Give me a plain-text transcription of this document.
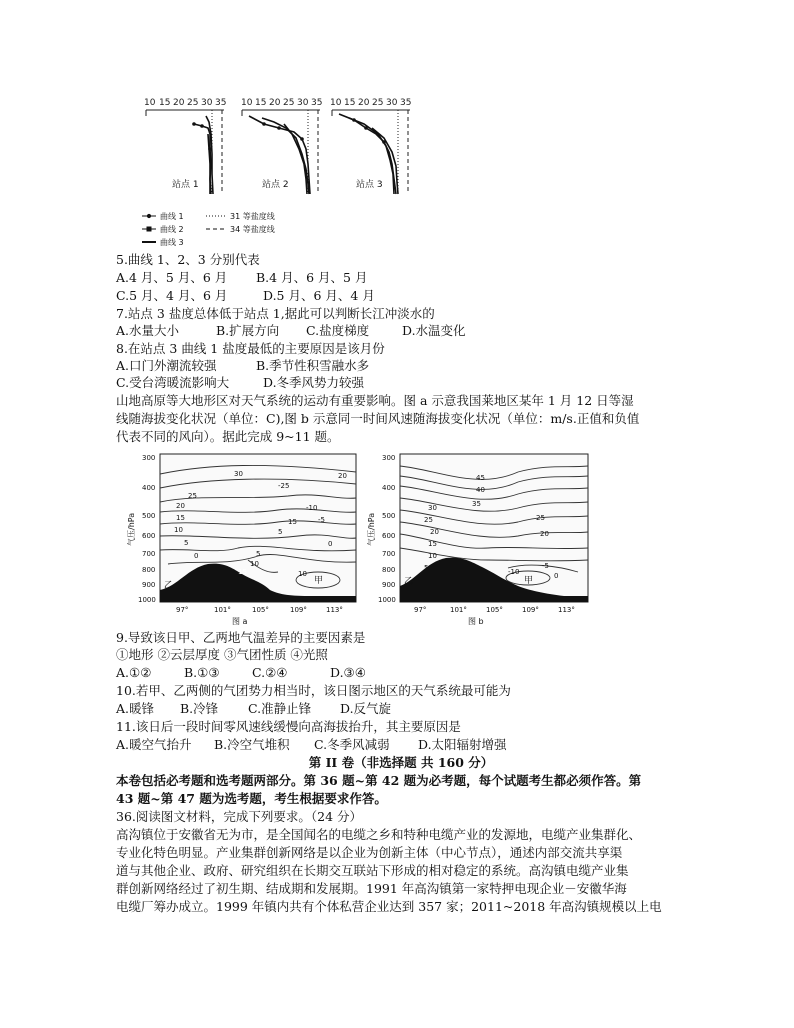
10 15 20 25 30 35 10 15 20 25 30 35 10 15 20 25 30 35
站点 1	站点 2	站点 3
曲线 1
曲线 2
曲线 3
31 等盐度线
34 等盐度线
5.曲线 1、2、3 分别代表
A.4 月、5 月、6 月 B.4 月、6 月、5 月
C.5 月、4 月、6 月	D.5 月、6 月、4 月
7.站点 3 盐度总体低于站点 1,据此可以判断长江冲淡水的
A.水量大小	B.扩展方向 C.盐度梯度	D.水温变化
8.在站点 3 曲线 1 盐度最低的主要原因是该月份
A.口门外潮流较强	B.季节性积雪融水多
C.受台湾暖流影响大	D.冬季风势力较强
山地高原等大地形区对天气系统的运动有重要影响。图 a 示意我国莱地区某年 1 月 12 日等湿
线随海拔变化状况（单位：C),图 b 示意同一时间风速随海拔变化状况（单位：m/s.正值和负值
代表不同的风向）。据此完成 9~11 题。
气压/hPa
300
400
500
600
700
800
900
1000
30
25
20
15
10
5
0	5
10
15
20
-25
-10
-5
0
5
10
15
乙	甲
97°	101°	105°	109°	113°
图 a
气压/hPa
300
400
500
600
700
800
900
1000
45
40
35
30
25
20
15
10
5	-10
-5
0
25
20
乙	甲
97°	101°	105°	109°	113°
图 b
9.导致该日甲、乙两地气温差异的主要因素是
①地形 ②云层厚度 ③气团性质 ④光照
A.①②	B.①③	C.②④	D.③④
10.若甲、乙两侧的气团势力相当时，该日图示地区的天气系统最可能为
A.暖锋 B.冷锋 C.准静止锋 D.反气旋
11.该日后一段时间零风速线缓慢向高海拔抬升，其主要原因是
A.暖空气抬升 B.冷空气堆积 C.冬季风减弱 D.太阳辐射增强
第 II 卷（非选择题 共 160 分）
本卷包括必考题和选考题两部分。第 36 题~第 42 题为必考题，每个试题考生都必须作答。第
43 题~第 47 题为选考题，考生根据要求作答。
36.阅读图文材料，完成下列要求。（24 分）
高沟镇位于安徽省无为市，是全国闻名的电缆之乡和特种电缆产业的发源地，电缆产业集群化、
专业化特色明显。产业集群创新网络是以企业为创新主体（中心节点），通述内部交流共享渠
道与其他企业、政府、研究组织在长期交互联站下形成的相对稳定的系统。高沟镇电缆产业集
群创新网络经过了初生期、结成期和发展期。1991 年高沟镇第一家特押电现企业－安徽华海
电缆厂筹办成立。1999 年镇内共有个体私营企业达到 357 家；2011~2018 年高沟镇规模以上电
